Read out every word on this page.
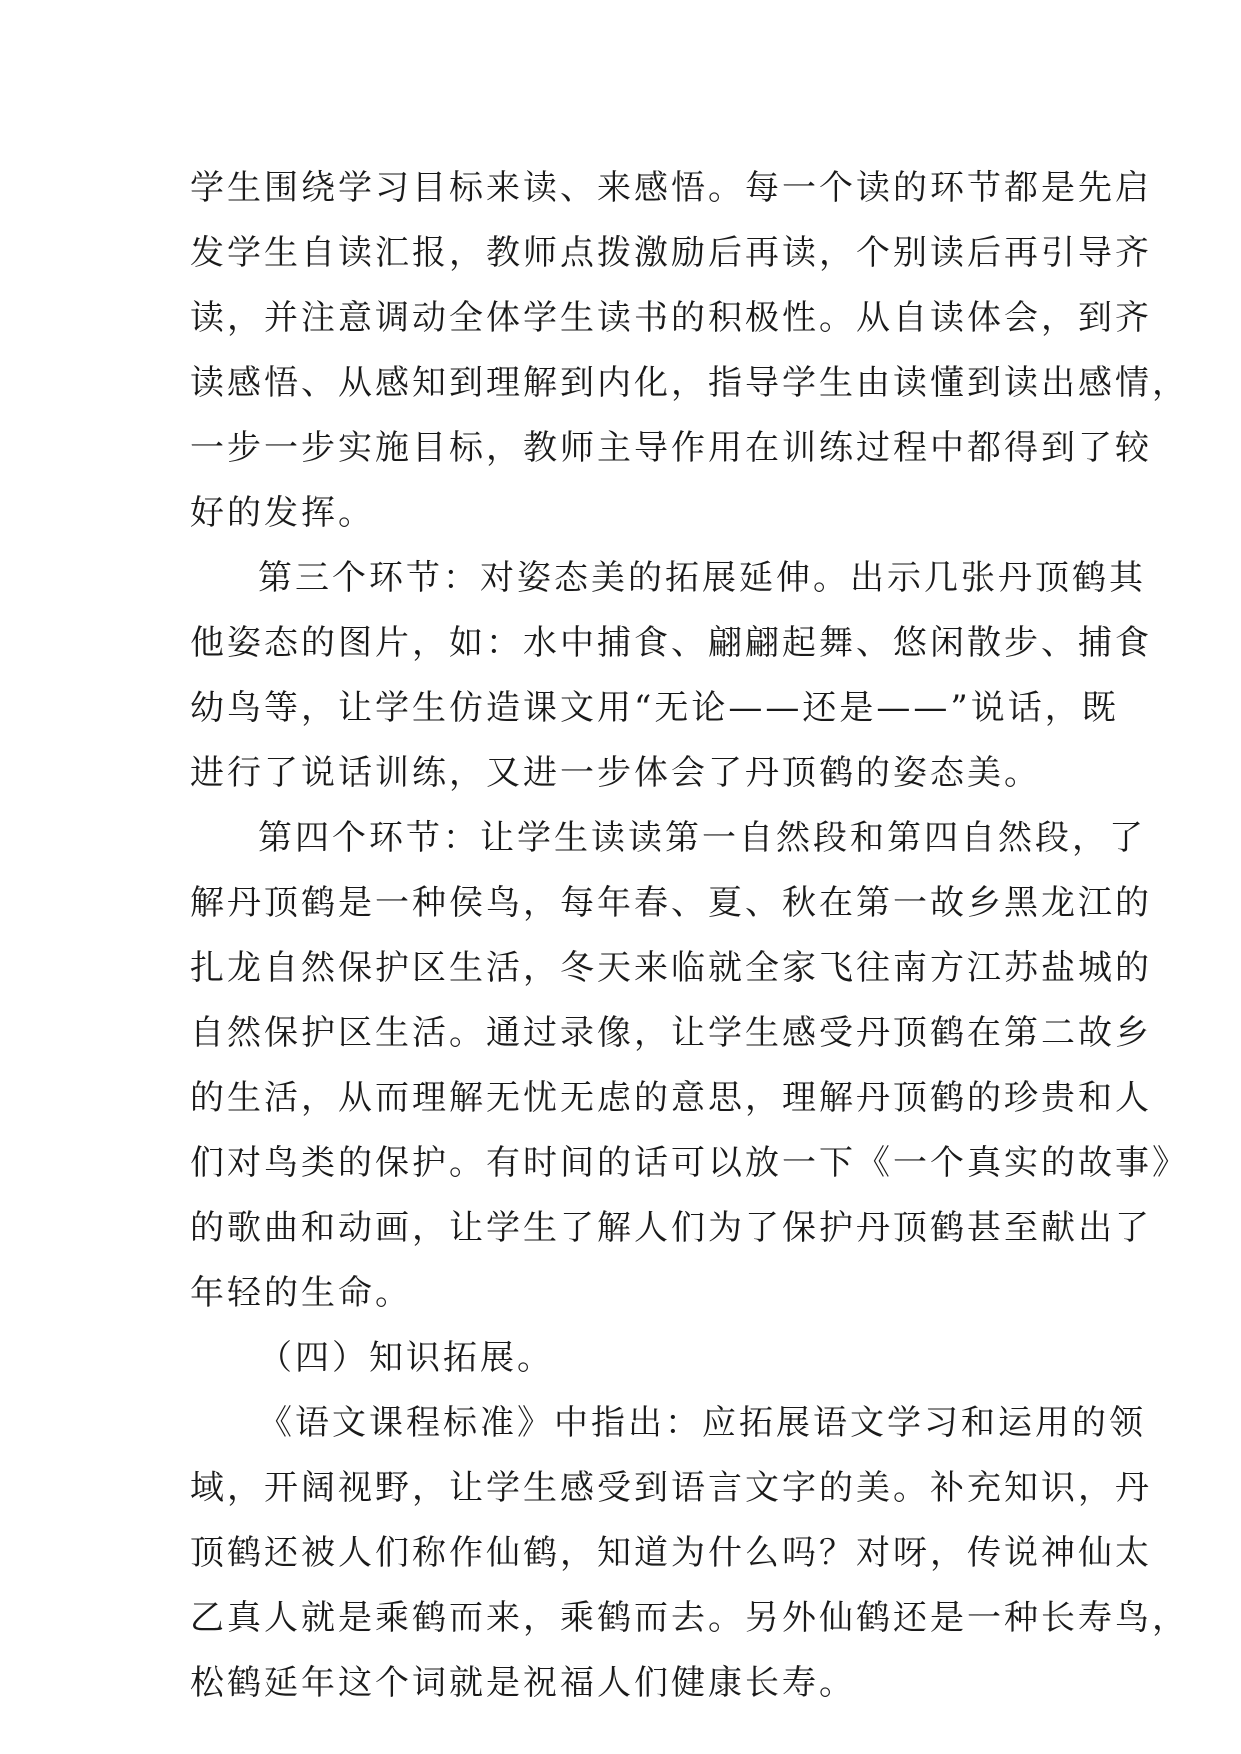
学生围绕学习目标来读、来感悟。每一个读的环节都是先启
发学生自读汇报，教师点拨激励后再读，个别读后再引导齐
读，并注意调动全体学生读书的积极性。从自读体会，到齐
读感悟、从感知到理解到内化，指导学生由读懂到读出感情，
一步一步实施目标，教师主导作用在训练过程中都得到了较
好的发挥。
第三个环节：对姿态美的拓展延伸。出示几张丹顶鹤其
他姿态的图片，如：水中捕食、翩翩起舞、悠闲散步、捕食
幼鸟等，让学生仿造课文用“无论——还是——”说话，既
进行了说话训练，又进一步体会了丹顶鹤的姿态美。
第四个环节：让学生读读第一自然段和第四自然段，了
解丹顶鹤是一种侯鸟，每年春、夏、秋在第一故乡黑龙江的
扎龙自然保护区生活，冬天来临就全家飞往南方江苏盐城的
自然保护区生活。通过录像，让学生感受丹顶鹤在第二故乡
的生活，从而理解无忧无虑的意思，理解丹顶鹤的珍贵和人
们对鸟类的保护。有时间的话可以放一下《一个真实的故事》
的歌曲和动画，让学生了解人们为了保护丹顶鹤甚至献出了
年轻的生命。
（四）知识拓展。
《语文课程标准》中指出：应拓展语文学习和运用的领
域，开阔视野，让学生感受到语言文字的美。补充知识，丹
顶鹤还被人们称作仙鹤，知道为什么吗？对呀，传说神仙太
乙真人就是乘鹤而来，乘鹤而去。另外仙鹤还是一种长寿鸟，
松鹤延年这个词就是祝福人们健康长寿。
